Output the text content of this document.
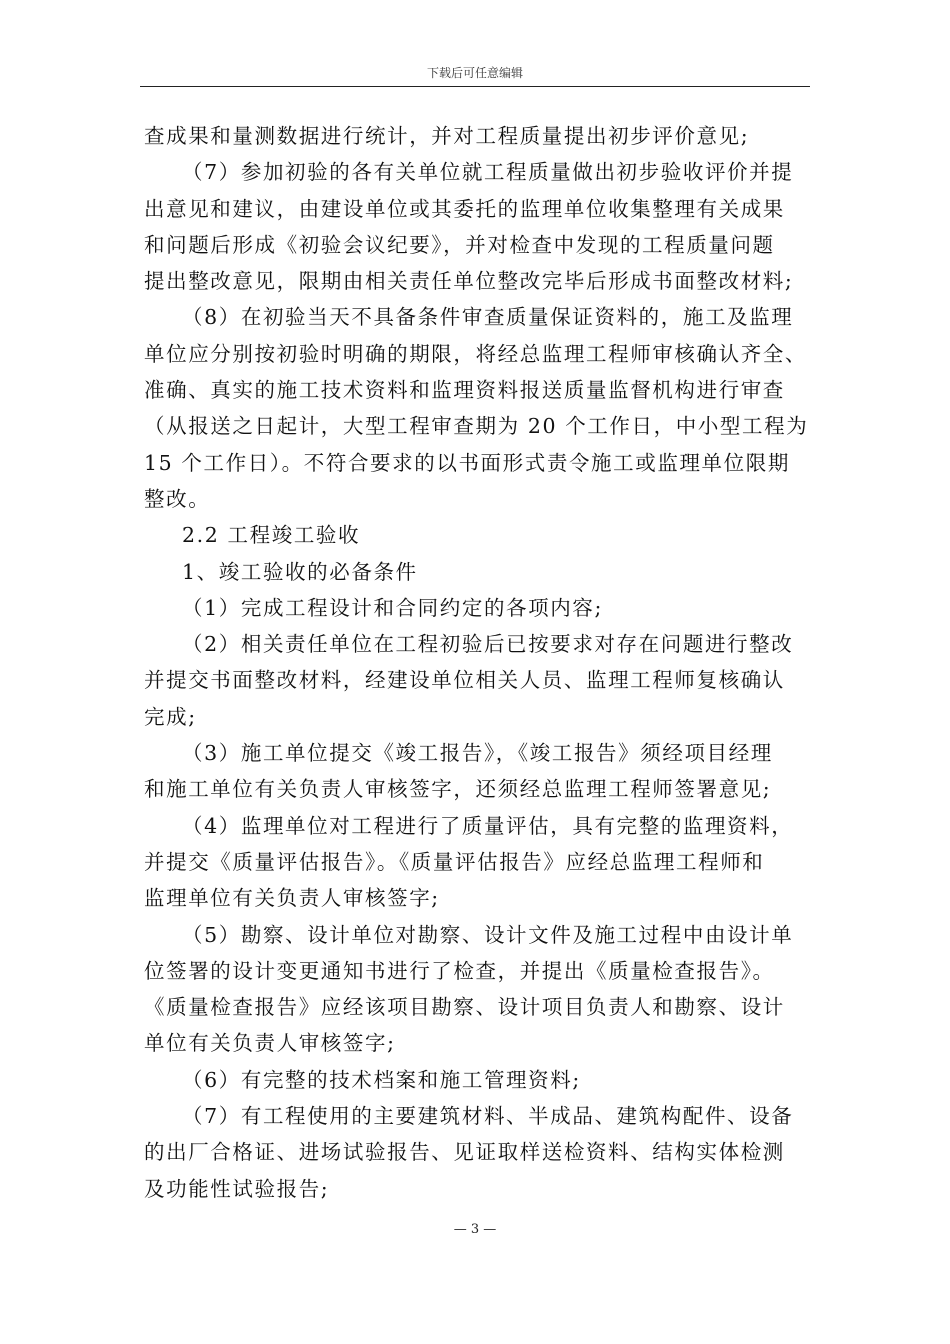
下载后可任意编辑
查成果和量测数据进行统计，并对工程质量提出初步评价意见;
（7）参加初验的各有关单位就工程质量做出初步验收评价并提
出意见和建议，由建设单位或其委托的监理单位收集整理有关成果
和问题后形成《初验会议纪要》，并对检查中发现的工程质量问题
提出整改意见，限期由相关责任单位整改完毕后形成书面整改材料;
（8）在初验当天不具备条件审查质量保证资料的，施工及监理
单位应分别按初验时明确的期限，将经总监理工程师审核确认齐全、
准确、真实的施工技术资料和监理资料报送质量监督机构进行审查
（从报送之日起计，大型工程审查期为 20 个工作日，中小型工程为
15 个工作日）。不符合要求的以书面形式责令施工或监理单位限期
整改。
2.2 工程竣工验收
1、竣工验收的必备条件
（1）完成工程设计和合同约定的各项内容;
（2）相关责任单位在工程初验后已按要求对存在问题进行整改
并提交书面整改材料，经建设单位相关人员、监理工程师复核确认
完成;
（3）施工单位提交《竣工报告》，《竣工报告》须经项目经理
和施工单位有关负责人审核签字，还须经总监理工程师签署意见;
（4）监理单位对工程进行了质量评估，具有完整的监理资料，
并提交《质量评估报告》。《质量评估报告》应经总监理工程师和
监理单位有关负责人审核签字;
（5）勘察、设计单位对勘察、设计文件及施工过程中由设计单
位签署的设计变更通知书进行了检查，并提出《质量检查报告》。
《质量检查报告》应经该项目勘察、设计项目负责人和勘察、设计
单位有关负责人审核签字;
（6）有完整的技术档案和施工管理资料;
（7）有工程使用的主要建筑材料、半成品、建筑构配件、设备
的出厂合格证、进场试验报告、见证取样送检资料、结构实体检测
及功能性试验报告;
— 3 —
